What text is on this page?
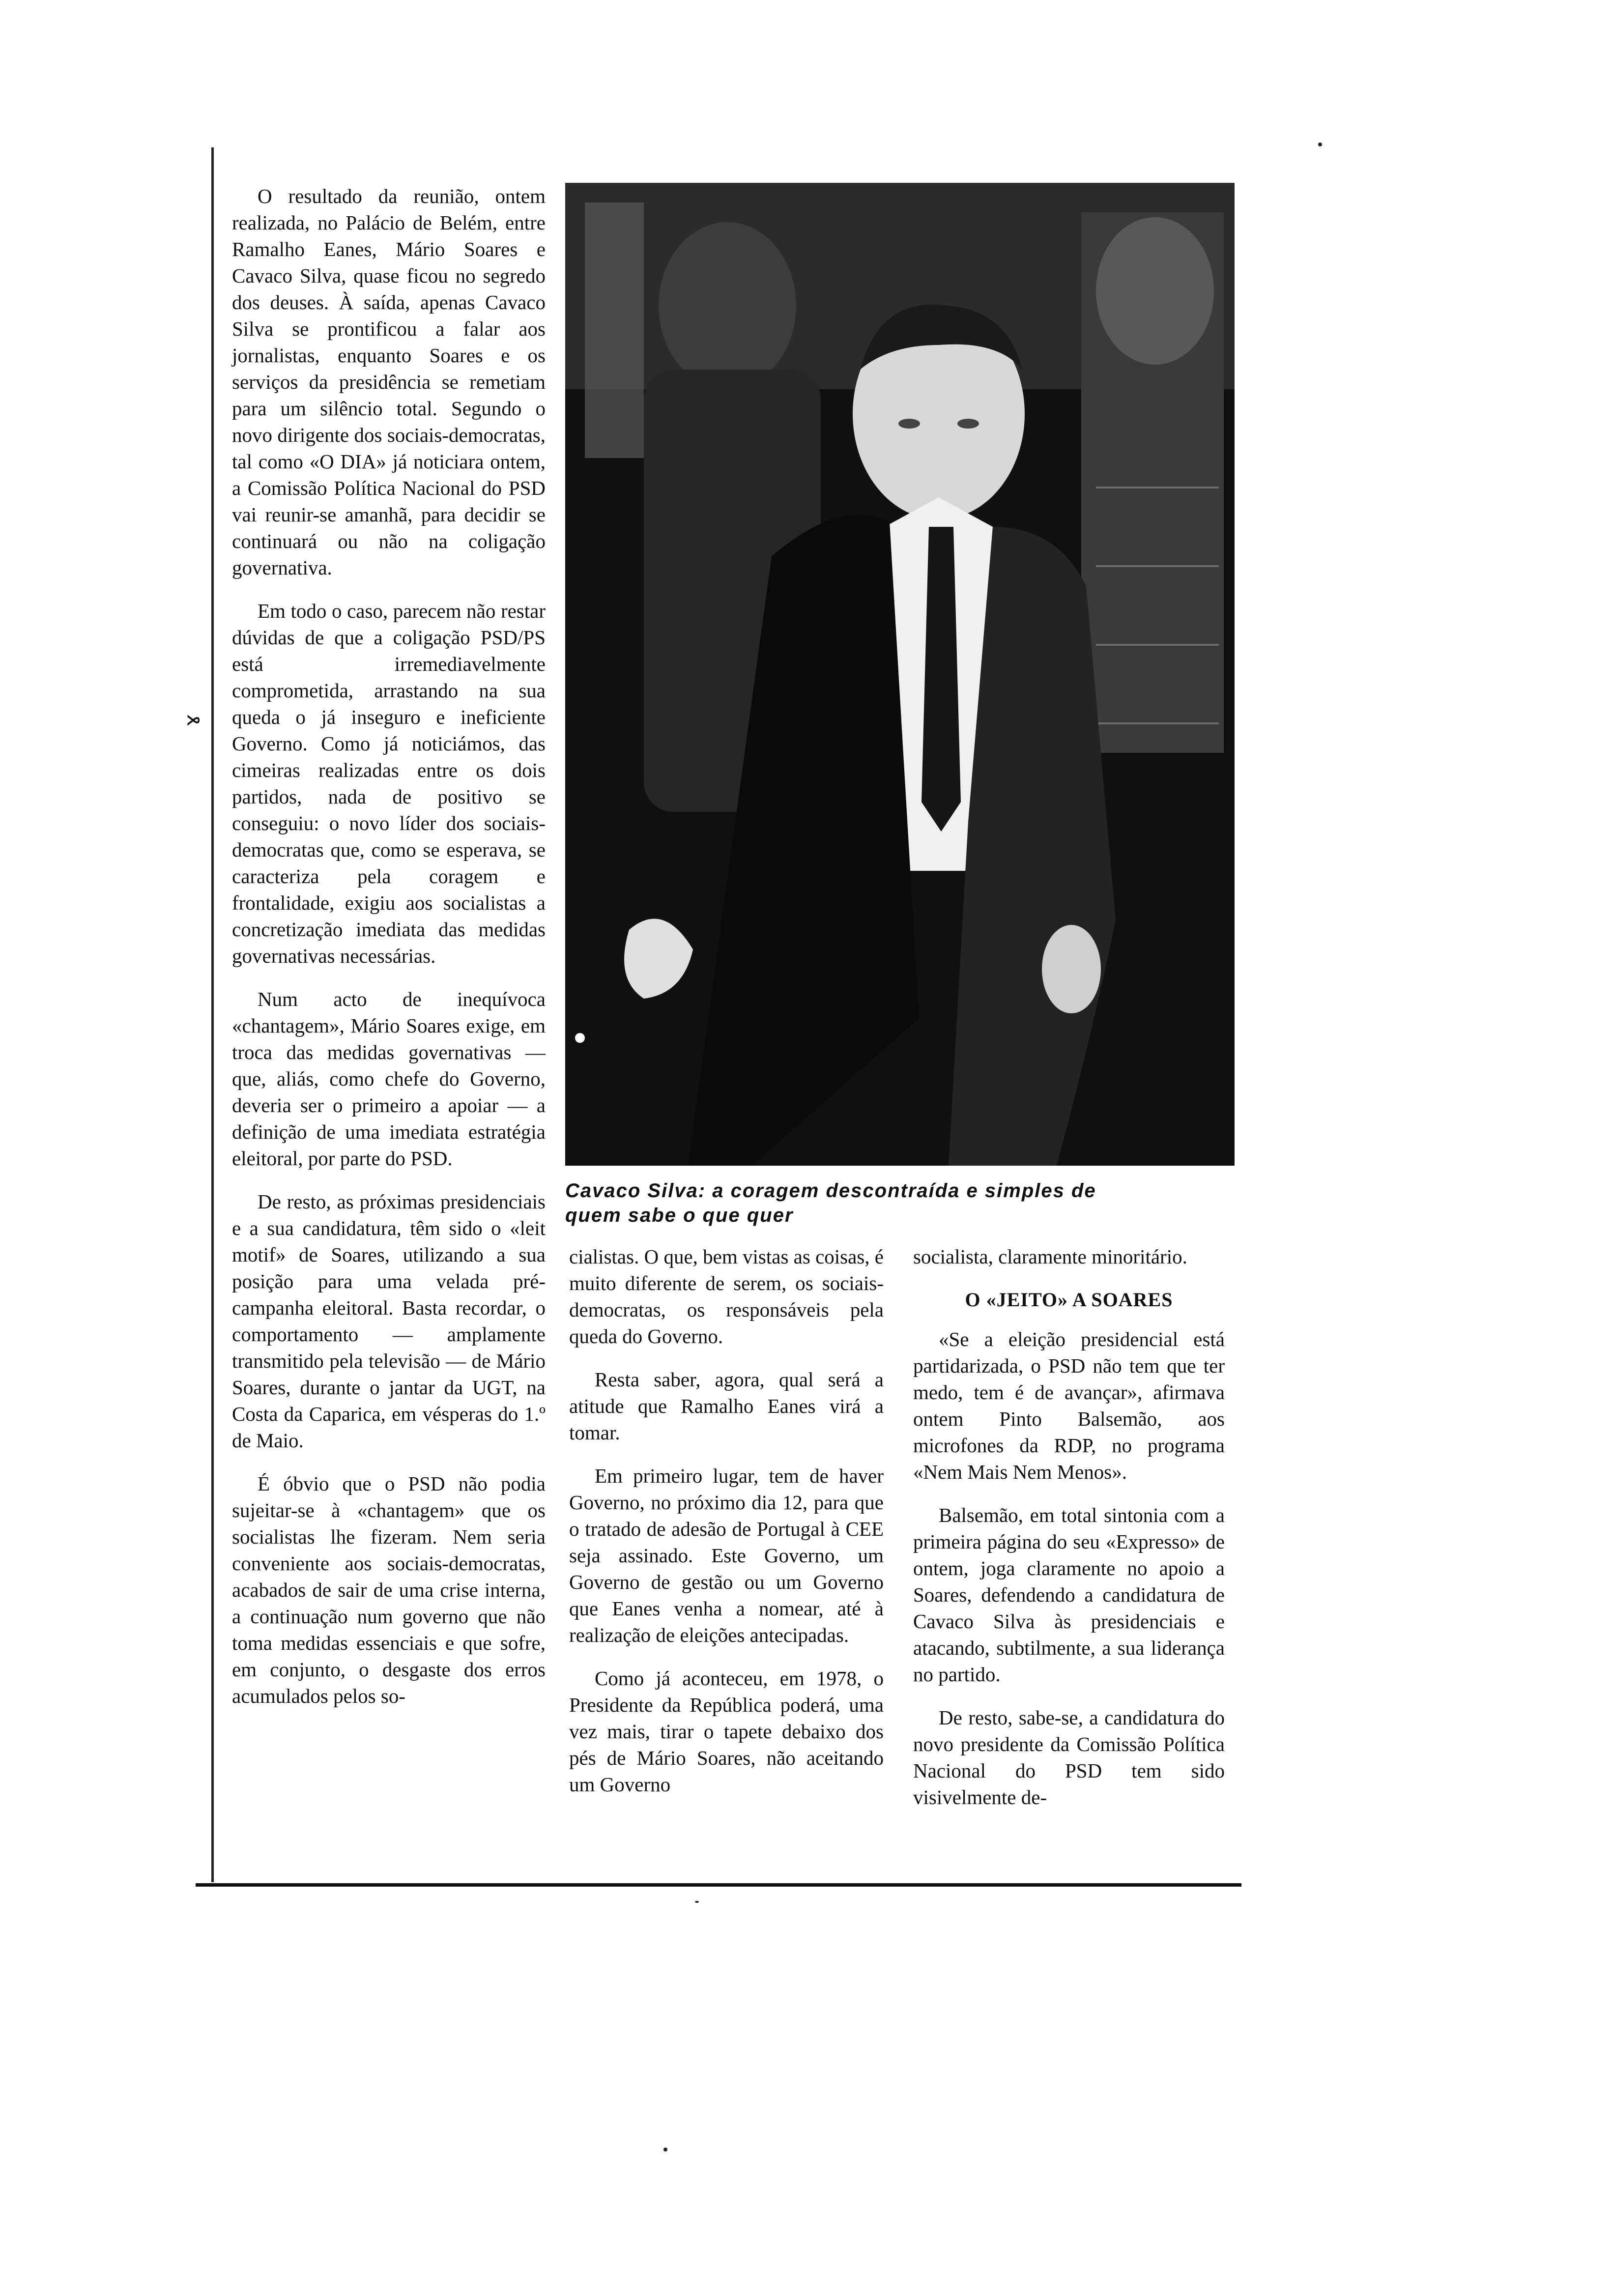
ɤ

O resultado da reunião, ontem realizada, no Palácio de Belém, entre Ramalho Eanes, Mário Soares e Cavaco Silva, quase ficou no segredo dos deuses. À saída, apenas Cavaco Silva se prontificou a falar aos jornalistas, enquanto Soares e os serviços da presidência se remetiam para um silêncio total. Segundo o novo dirigente dos sociais-democratas, tal como «O DIA» já noticiara ontem, a Comissão Política Nacional do PSD vai reunir-se amanhã, para decidir se continuará ou não na coligação governativa.

Em todo o caso, parecem não restar dúvidas de que a coligação PSD/PS está irremediavelmente comprometida, arrastando na sua queda o já inseguro e ineficiente Governo. Como já noticiámos, das cimeiras realizadas entre os dois partidos, nada de positivo se conseguiu: o novo líder dos sociais-democratas que, como se esperava, se caracteriza pela coragem e frontalidade, exigiu aos socialistas a concretização imediata das medidas governativas necessárias.

Num acto de inequívoca «chantagem», Mário Soares exige, em troca das medidas governativas — que, aliás, como chefe do Governo, deveria ser o primeiro a apoiar — a definição de uma imediata estratégia eleitoral, por parte do PSD.

De resto, as próximas presidenciais e a sua candidatura, têm sido o «leit motif» de Soares, utilizando a sua posição para uma velada pré-campanha eleitoral. Basta recordar, o comportamento — amplamente transmitido pela televisão — de Mário Soares, durante o jantar da UGT, na Costa da Caparica, em vésperas do 1.º de Maio.

É óbvio que o PSD não podia sujeitar-se à «chantagem» que os socialistas lhe fizeram. Nem seria conveniente aos sociais-democratas, acabados de sair de uma crise interna, a continuação num governo que não toma medidas essenciais e que sofre, em conjunto, o desgaste dos erros acumulados pelos so-

Cavaco Silva: a coragem descontraída e simples de
quem sabe o que quer

cialistas. O que, bem vistas as coisas, é muito diferente de serem, os sociais-democratas, os responsáveis pela queda do Governo.

Resta saber, agora, qual será a atitude que Ramalho Eanes virá a tomar.

Em primeiro lugar, tem de haver Governo, no próximo dia 12, para que o tratado de adesão de Portugal à CEE seja assinado. Este Governo, um Governo de gestão ou um Governo que Eanes venha a nomear, até à realização de eleições antecipadas.

Como já aconteceu, em 1978, o Presidente da República poderá, uma vez mais, tirar o tapete debaixo dos pés de Mário Soares, não aceitando um Governo

socialista, claramente minoritário.

O «JEITO» A SOARES

«Se a eleição presidencial está partidarizada, o PSD não tem que ter medo, tem é de avançar», afirmava ontem Pinto Balsemão, aos microfones da RDP, no programa «Nem Mais Nem Menos».

Balsemão, em total sintonia com a primeira página do seu «Expresso» de ontem, joga claramente no apoio a Soares, defendendo a candidatura de Cavaco Silva às presidenciais e atacando, subtilmente, a sua liderança no partido.

De resto, sabe-se, a candidatura do novo presidente da Comissão Política Nacional do PSD tem sido visivelmente de-
